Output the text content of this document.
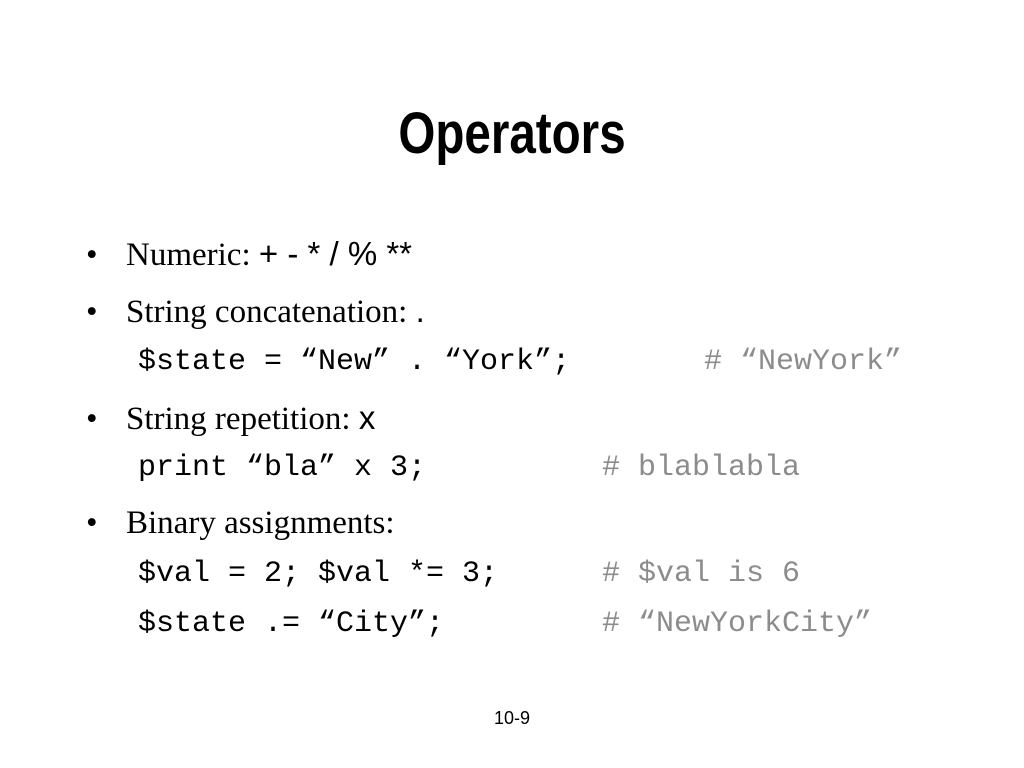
Operators
• Numeric: + - * / % **
• String concatenation: .
$state = “New” . “York”;	# “NewYork”
• String repetition: x
print “bla” x 3;	# blablabla
• Binary assignments:
$val = 2; $val *= 3;	# $val is 6
$state .= “City”;	# “NewYorkCity”
10-9
